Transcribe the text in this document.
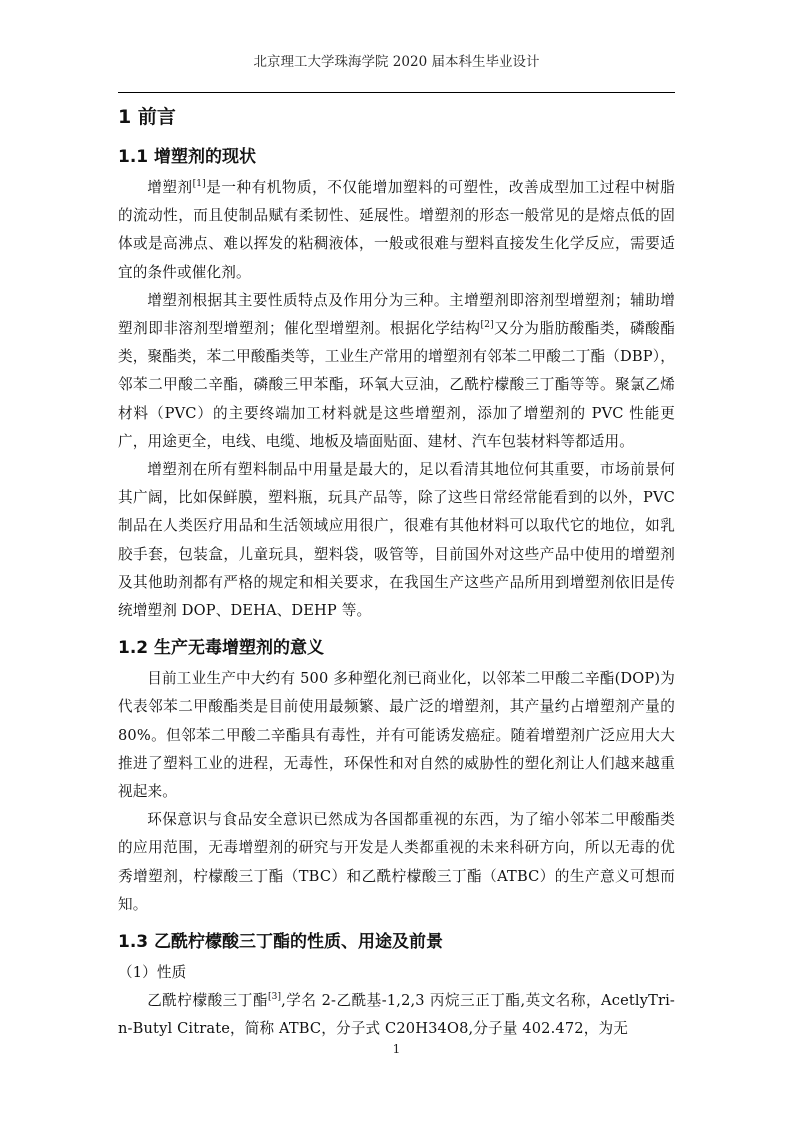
北京理工大学珠海学院 2020 届本科生毕业设计
1 前言
1.1 增塑剂的现状

增塑剂[1]是一种有机物质，不仅能增加塑料的可塑性，改善成型加工过程中树脂的流动性，而且使制品赋有柔韧性、延展性。增塑剂的形态一般常见的是熔点低的固体或是高沸点、难以挥发的粘稠液体，一般或很难与塑料直接发生化学反应，需要适宜的条件或催化剂。

增塑剂根据其主要性质特点及作用分为三种。主增塑剂即溶剂型增塑剂；辅助增塑剂即非溶剂型增塑剂；催化型增塑剂。根据化学结构[2]又分为脂肪酸酯类，磷酸酯类，聚酯类，苯二甲酸酯类等，工业生产常用的增塑剂有邻苯二甲酸二丁酯（DBP），邻苯二甲酸二辛酯，磷酸三甲苯酯，环氧大豆油，乙酰柠檬酸三丁酯等等。聚氯乙烯材料（PVC）的主要终端加工材料就是这些增塑剂，添加了增塑剂的 PVC 性能更广，用途更全，电线、电缆、地板及墙面贴面、建材、汽车包装材料等都适用。

增塑剂在所有塑料制品中用量是最大的，足以看清其地位何其重要，市场前景何其广阔，比如保鲜膜，塑料瓶，玩具产品等，除了这些日常经常能看到的以外，PVC 制品在人类医疗用品和生活领域应用很广，很难有其他材料可以取代它的地位，如乳胶手套，包装盒，儿童玩具，塑料袋，吸管等，目前国外对这些产品中使用的增塑剂及其他助剂都有严格的规定和相关要求，在我国生产这些产品所用到增塑剂依旧是传统增塑剂 DOP、DEHA、DEHP 等。

1.2 生产无毒增塑剂的意义

目前工业生产中大约有 500 多种塑化剂已商业化，以邻苯二甲酸二辛酯(DOP)为代表邻苯二甲酸酯类是目前使用最频繁、最广泛的增塑剂，其产量约占增塑剂产量的 80%。但邻苯二甲酸二辛酯具有毒性，并有可能诱发癌症。随着增塑剂广泛应用大大推进了塑料工业的进程，无毒性，环保性和对自然的威胁性的塑化剂让人们越来越重视起来。

环保意识与食品安全意识已然成为各国都重视的东西，为了缩小邻苯二甲酸酯类的应用范围，无毒增塑剂的研究与开发是人类都重视的未来科研方向，所以无毒的优秀增塑剂，柠檬酸三丁酯（TBC）和乙酰柠檬酸三丁酯（ATBC）的生产意义可想而知。

1.3 乙酰柠檬酸三丁酯的性质、用途及前景

（1）性质

乙酰柠檬酸三丁酯[3],学名 2-乙酰基-1,2,3 丙烷三正丁酯,英文名称，AcetlyTri-n-Butyl Citrate，简称 ATBC，分子式 C20H34O8,分子量 402.472，为无

1
